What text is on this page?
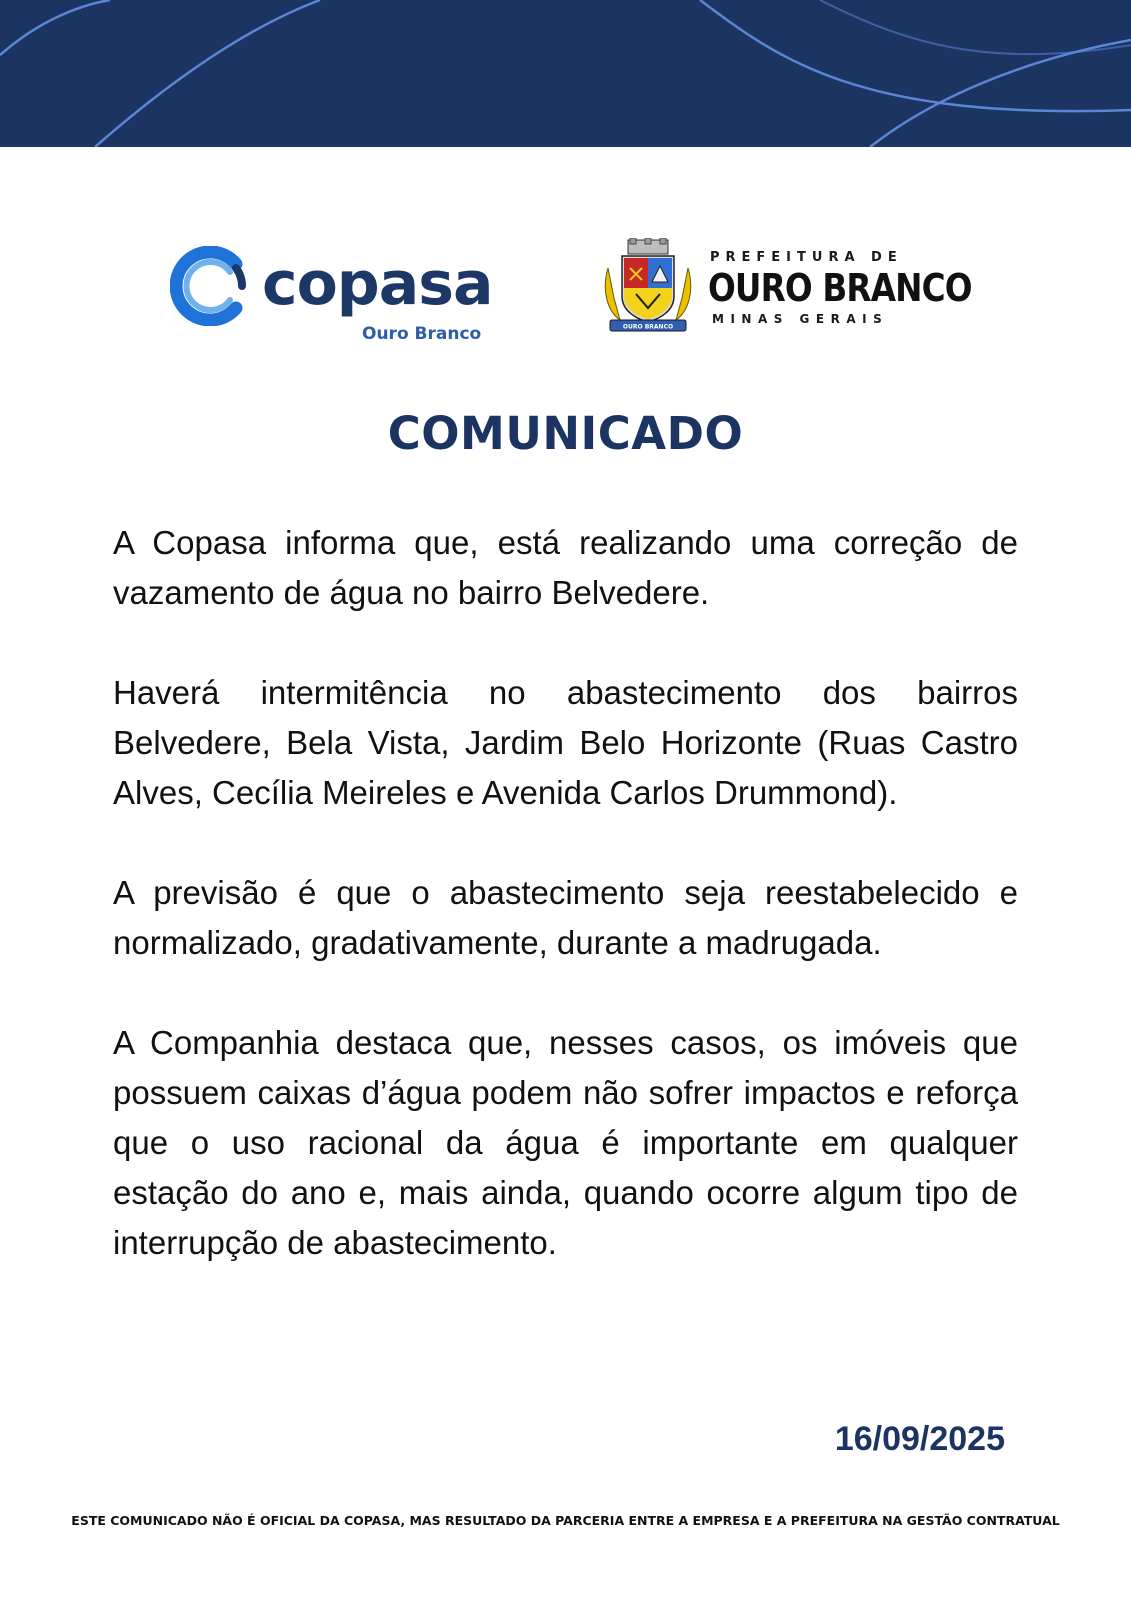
copasa
Ouro Branco	OURO BRANCO
PREFEITURA DE
OURO BRANCO
MINAS GERAIS
COMUNICADO

A Copasa informa que, está realizando uma correção de vazamento de água no bairro Belvedere.

Haverá intermitência no abastecimento dos bairros Belvedere, Bela Vista, Jardim Belo Horizonte (Ruas Castro Alves, Cecília Meireles e Avenida Carlos Drummond).

A previsão é que o abastecimento seja reestabelecido e normalizado, gradativamente, durante a madrugada.

A Companhia destaca que, nesses casos, os imóveis que possuem caixas d’água podem não sofrer impactos e reforça que o uso racional da água é importante em qualquer estação do ano e, mais ainda, quando ocorre algum tipo de interrupção de abastecimento.

16/09/2025
ESTE COMUNICADO NÃO É OFICIAL DA COPASA, MAS RESULTADO DA PARCERIA ENTRE A EMPRESA E A PREFEITURA NA GESTÃO CONTRATUAL
